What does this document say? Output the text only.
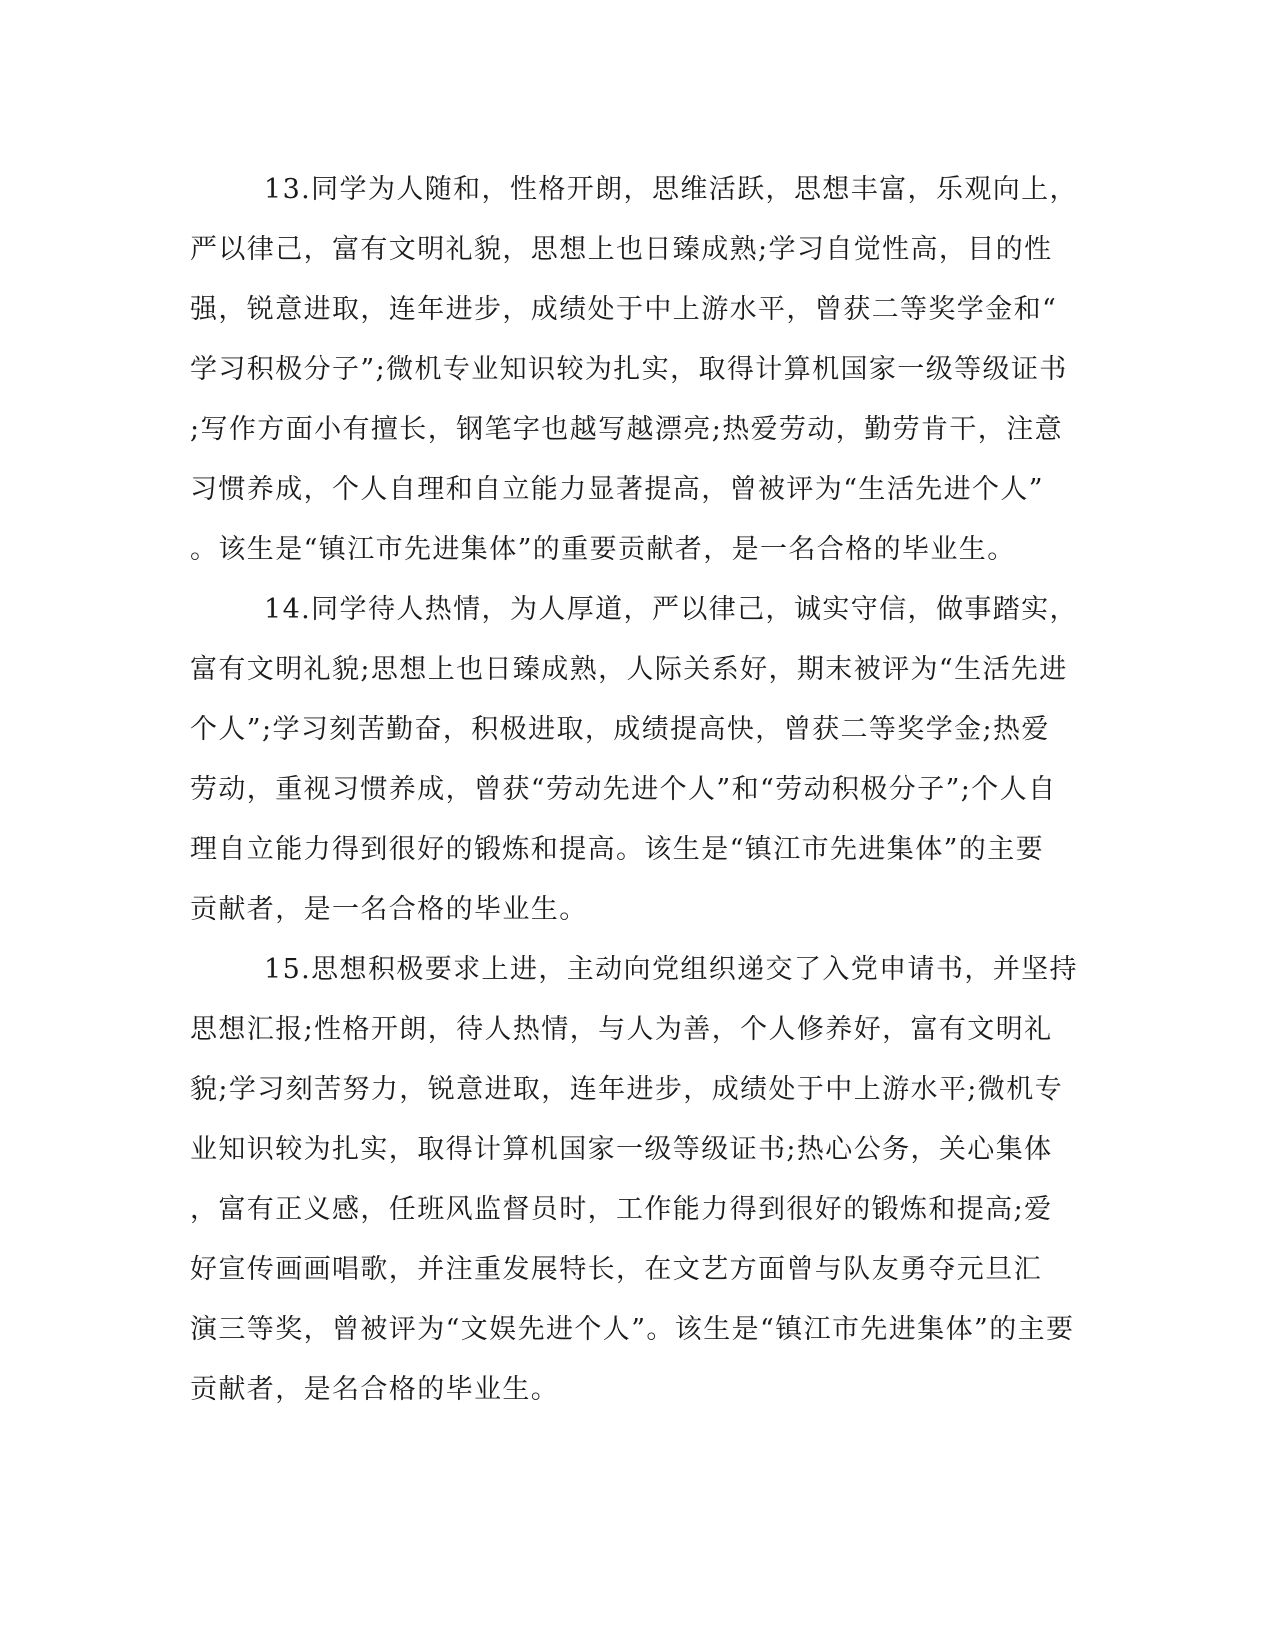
13.同学为人随和，性格开朗，思维活跃，思想丰富，乐观向上，
严以律己，富有文明礼貌，思想上也日臻成熟;学习自觉性高，目的性
强，锐意进取，连年进步，成绩处于中上游水平，曾获二等奖学金和“
学习积极分子”;微机专业知识较为扎实，取得计算机国家一级等级证书
;写作方面小有擅长，钢笔字也越写越漂亮;热爱劳动，勤劳肯干，注意
习惯养成，个人自理和自立能力显著提高，曾被评为“生活先进个人”
。该生是“镇江市先进集体”的重要贡献者，是一名合格的毕业生。
14.同学待人热情，为人厚道，严以律己，诚实守信，做事踏实，
富有文明礼貌;思想上也日臻成熟，人际关系好，期末被评为“生活先进
个人”;学习刻苦勤奋，积极进取，成绩提高快，曾获二等奖学金;热爱
劳动，重视习惯养成，曾获“劳动先进个人”和“劳动积极分子”;个人自
理自立能力得到很好的锻炼和提高。该生是“镇江市先进集体”的主要
贡献者，是一名合格的毕业生。
15.思想积极要求上进，主动向党组织递交了入党申请书，并坚持
思想汇报;性格开朗，待人热情，与人为善，个人修养好，富有文明礼
貌;学习刻苦努力，锐意进取，连年进步，成绩处于中上游水平;微机专
业知识较为扎实，取得计算机国家一级等级证书;热心公务，关心集体
，富有正义感，任班风监督员时，工作能力得到很好的锻炼和提高;爱
好宣传画画唱歌，并注重发展特长，在文艺方面曾与队友勇夺元旦汇
演三等奖，曾被评为“文娱先进个人”。该生是“镇江市先进集体”的主要
贡献者，是名合格的毕业生。
